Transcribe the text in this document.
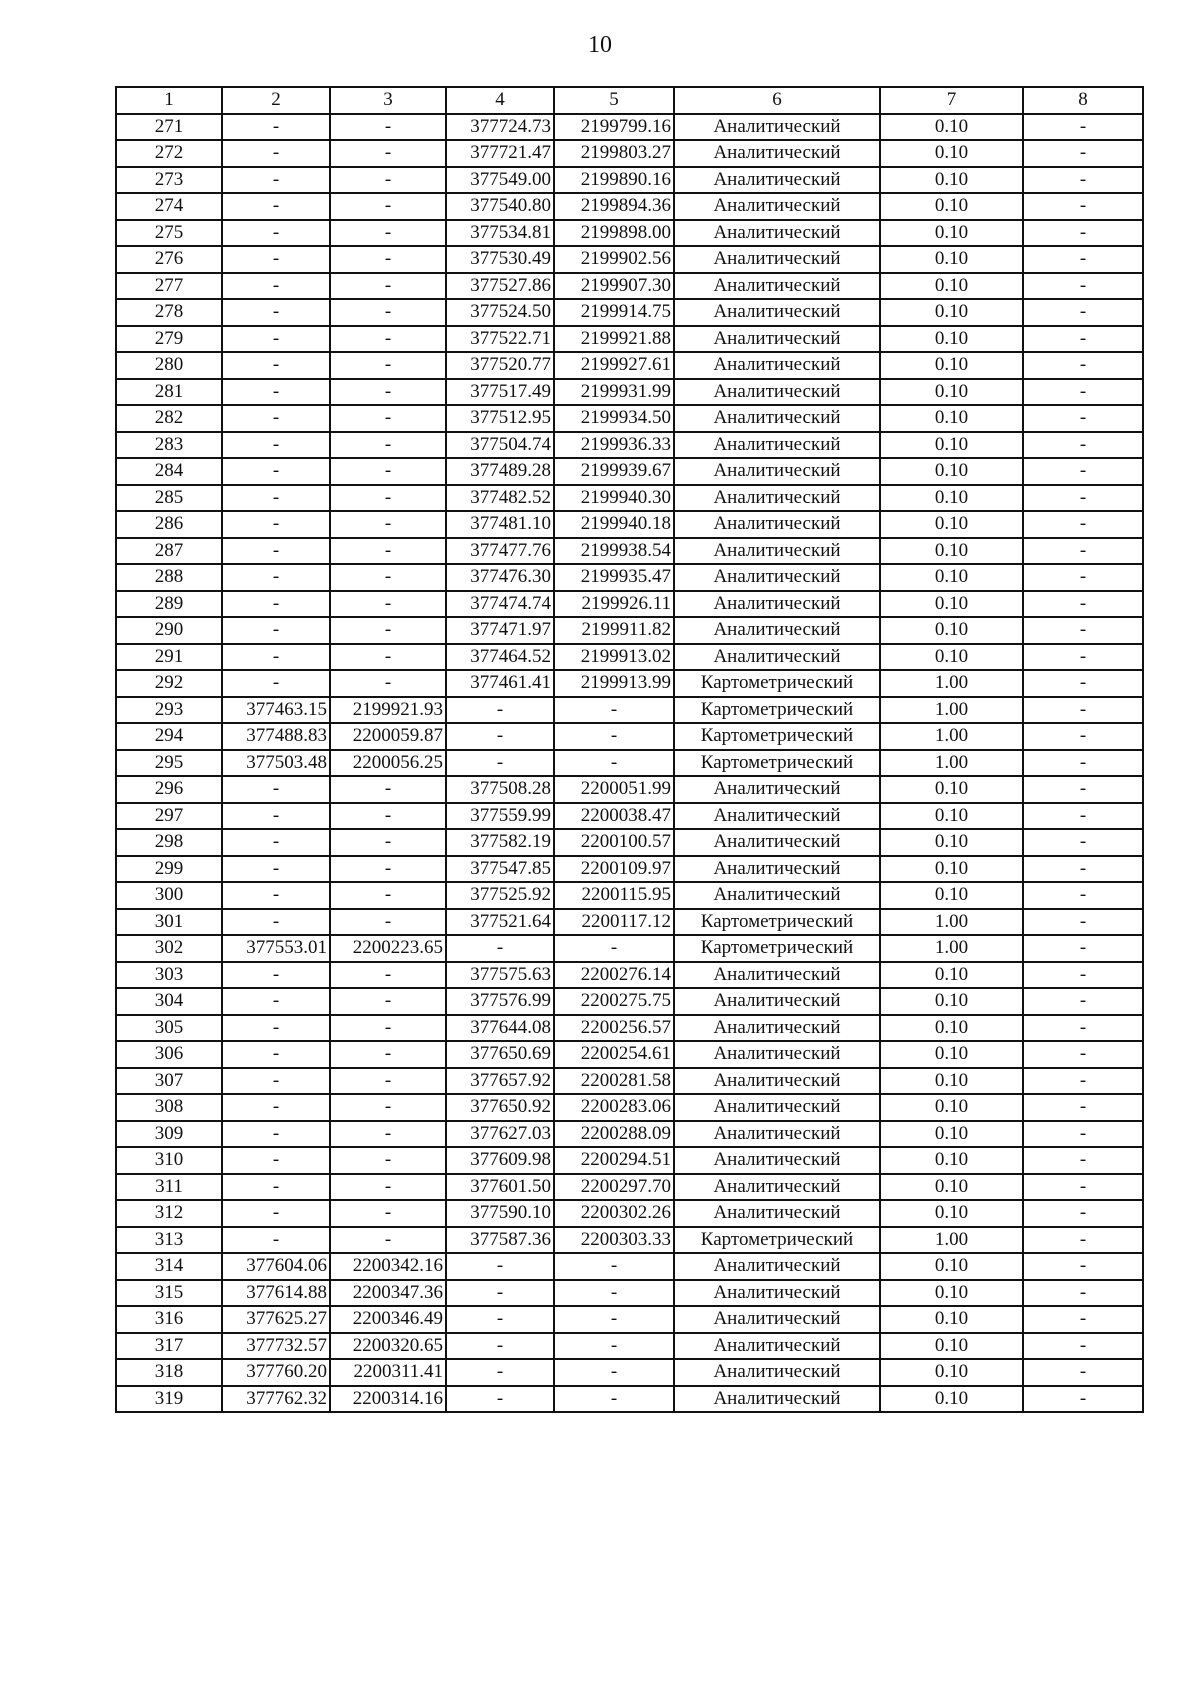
10
1	2	3	4	5	6	7	8
271	-	-	377724.73	2199799.16	Аналитический	0.10	-
272	-	-	377721.47	2199803.27	Аналитический	0.10	-
273	-	-	377549.00	2199890.16	Аналитический	0.10	-
274	-	-	377540.80	2199894.36	Аналитический	0.10	-
275	-	-	377534.81	2199898.00	Аналитический	0.10	-
276	-	-	377530.49	2199902.56	Аналитический	0.10	-
277	-	-	377527.86	2199907.30	Аналитический	0.10	-
278	-	-	377524.50	2199914.75	Аналитический	0.10	-
279	-	-	377522.71	2199921.88	Аналитический	0.10	-
280	-	-	377520.77	2199927.61	Аналитический	0.10	-
281	-	-	377517.49	2199931.99	Аналитический	0.10	-
282	-	-	377512.95	2199934.50	Аналитический	0.10	-
283	-	-	377504.74	2199936.33	Аналитический	0.10	-
284	-	-	377489.28	2199939.67	Аналитический	0.10	-
285	-	-	377482.52	2199940.30	Аналитический	0.10	-
286	-	-	377481.10	2199940.18	Аналитический	0.10	-
287	-	-	377477.76	2199938.54	Аналитический	0.10	-
288	-	-	377476.30	2199935.47	Аналитический	0.10	-
289	-	-	377474.74	2199926.11	Аналитический	0.10	-
290	-	-	377471.97	2199911.82	Аналитический	0.10	-
291	-	-	377464.52	2199913.02	Аналитический	0.10	-
292	-	-	377461.41	2199913.99	Картометрический	1.00	-
293	377463.15	2199921.93	-	-	Картометрический	1.00	-
294	377488.83	2200059.87	-	-	Картометрический	1.00	-
295	377503.48	2200056.25	-	-	Картометрический	1.00	-
296	-	-	377508.28	2200051.99	Аналитический	0.10	-
297	-	-	377559.99	2200038.47	Аналитический	0.10	-
298	-	-	377582.19	2200100.57	Аналитический	0.10	-
299	-	-	377547.85	2200109.97	Аналитический	0.10	-
300	-	-	377525.92	2200115.95	Аналитический	0.10	-
301	-	-	377521.64	2200117.12	Картометрический	1.00	-
302	377553.01	2200223.65	-	-	Картометрический	1.00	-
303	-	-	377575.63	2200276.14	Аналитический	0.10	-
304	-	-	377576.99	2200275.75	Аналитический	0.10	-
305	-	-	377644.08	2200256.57	Аналитический	0.10	-
306	-	-	377650.69	2200254.61	Аналитический	0.10	-
307	-	-	377657.92	2200281.58	Аналитический	0.10	-
308	-	-	377650.92	2200283.06	Аналитический	0.10	-
309	-	-	377627.03	2200288.09	Аналитический	0.10	-
310	-	-	377609.98	2200294.51	Аналитический	0.10	-
311	-	-	377601.50	2200297.70	Аналитический	0.10	-
312	-	-	377590.10	2200302.26	Аналитический	0.10	-
313	-	-	377587.36	2200303.33	Картометрический	1.00	-
314	377604.06	2200342.16	-	-	Аналитический	0.10	-
315	377614.88	2200347.36	-	-	Аналитический	0.10	-
316	377625.27	2200346.49	-	-	Аналитический	0.10	-
317	377732.57	2200320.65	-	-	Аналитический	0.10	-
318	377760.20	2200311.41	-	-	Аналитический	0.10	-
319	377762.32	2200314.16	-	-	Аналитический	0.10	-
